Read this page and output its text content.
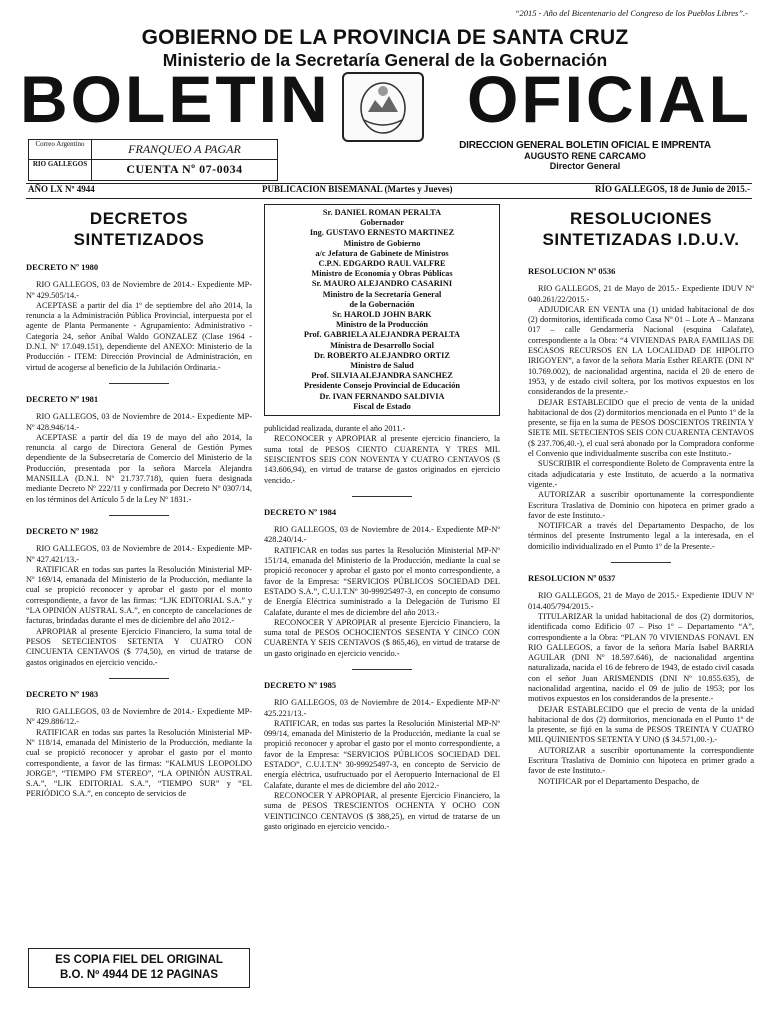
“2015 - Año del Bicentenario del Congreso de los Pueblos Libres”.-
GOBIERNO DE LA PROVINCIA DE SANTA CRUZ
Ministerio de la Secretaría General de la Gobernación
BOLETIN OFICIAL
Correo Argentino
RIO GALLEGOS
FRANQUEO A PAGAR
CUENTA Nº 07-0034
DIRECCION GENERAL BOLETIN OFICIAL E IMPRENTA
AUGUSTO RENE CARCAMO
Director General
AÑO LX Nº 4944	PUBLICACION BISEMANAL (Martes y Jueves)	RÍO GALLEGOS, 18 de Junio de 2015.-
DECRETOS SINTETIZADOS
DECRETO Nº 1980

RIO GALLEGOS, 03 de Noviembre de 2014.- Expediente MP-Nº 429.505/14.-

ACEPTASE a partir del día 1º de septiembre del año 2014, la renuncia a la Administración Pública Provincial, interpuesta por el agente de Planta Permanente - Agrupamiento: Administrativo - Categoría 24, señor Aníbal Waldo GONZALEZ (Clase 1964 - D.N.I. Nº 17.049.151), dependiente del ANEXO: Ministerio de la Producción - ITEM: Dirección Provincial de Administración, en virtud de acogerse al beneficio de la Jubilación Ordinaria.-

DECRETO Nº 1981

RIO GALLEGOS, 03 de Noviembre de 2014.- Expediente MP-Nº 428.946/14.-

ACEPTASE a partir del día 19 de mayo del año 2014, la renuncia al cargo de Directora General de Gestión Pymes dependiente de la Subsecretaría de Comercio del Ministerio de la Producción, presentada por la señora Marcela Alejandra MANSILLA (D.N.I. Nº 21.737.718), quien fuera designada mediante Decreto Nº 222/11 y confirmada por Decreto Nº 0307/14, en los términos del Artículo 5 de la Ley Nº 1831.-

DECRETO Nº 1982

RIO GALLEGOS, 03 de Noviembre de 2014.- Expediente MP-Nº 427.421/13.-

RATIFICAR en todas sus partes la Resolución Ministerial MP-Nº 169/14, emanada del Ministerio de la Producción, mediante la cual se propició reconocer y aprobar el gasto por el monto correspondiente, a favor de las firmas: “LJK EDITORIAL S.A.” y “LA OPINIÓN AUSTRAL S.A.”, en concepto de cancelaciones de facturas, brindadas durante el mes de diciembre del año 2012.-

APROPIAR al presente Ejercicio Financiero, la suma total de PESOS SETECIENTOS SETENTA Y CUATRO CON CINCUENTA CENTAVOS ($ 774,50), en virtud de tratarse de gastos originados en ejercicio vencido.-

DECRETO Nº 1983

RIO GALLEGOS, 03 de Noviembre de 2014.- Expediente MP-Nº 429.886/12.-

RATIFICAR en todas sus partes la Resolución Ministerial MP-Nº 118/14, emanada del Ministerio de la Producción, mediante la cual se propició reconocer y aprobar el gasto por el monto correspondiente, a favor de las firmas: “KALMUS LEOPOLDO JORGE”, “TIEMPO FM STEREO”, “LA OPINIÓN AUSTRAL S.A.”, “LJK EDITORIAL S.A.”, “TIEMPO SUR” y “EL PERIÓDICO S.A.”, en concepto de servicios de

ES COPIA FIEL DEL ORIGINAL
B.O. Nº 4944 DE 12 PAGINAS
Sr. DANIEL ROMAN PERALTA
Gobernador
Ing. GUSTAVO ERNESTO MARTINEZ
Ministro de Gobierno
a/c Jefatura de Gabinete de Ministros
C.P.N. EDGARDO RAUL VALFRE
Ministro de Economía y Obras Públicas
Sr. MAURO ALEJANDRO CASARINI
Ministro de la Secretaría General
de la Gobernación
Sr. HAROLD JOHN BARK
Ministro de la Producción
Prof. GABRIELA ALEJANDRA PERALTA
Ministra de Desarrollo Social
Dr. ROBERTO ALEJANDRO ORTIZ
Ministro de Salud
Prof. SILVIA ALEJANDRA SANCHEZ
Presidente Consejo Provincial de Educación
Dr. IVAN FERNANDO SALDIVIA
Fiscal de Estado

publicidad realizada, durante el año 2011.-

RECONOCER y APROPIAR al presente ejercicio financiero, la suma total de PESOS CIENTO CUARENTA Y TRES MIL SEISCIENTOS SEIS CON NOVENTA Y CUATRO CENTAVOS ($ 143.606,94), en virtud de tratarse de gastos originados en ejercicio vencido.-

DECRETO Nº 1984

RIO GALLEGOS, 03 de Noviembre de 2014.- Expediente MP-Nº 428.240/14.-

RATIFICAR en todas sus partes la Resolución Ministerial MP-Nº 151/14, emanada del Ministerio de la Producción, mediante la cual se propició reconocer y aprobar el gasto por el monto correspondiente, a favor de la Empresa: “SERVICIOS PÚBLICOS SOCIEDAD DEL ESTADO S.A.”, C.U.I.T.Nº 30-99925497-3, en concepto de consumo de Energía Eléctrica suministrado a la Delegación de Turismo El Calafate, durante el mes de diciembre del año 2013.-

RECONOCER Y APROPIAR al presente Ejercicio Financiero, la suma total de PESOS OCHOCIENTOS SESENTA Y CINCO CON CUARENTA Y SEIS CENTAVOS ($ 865,46), en virtud de tratarse de un gasto originado en ejercicio vencido.-

DECRETO Nº 1985

RIO GALLEGOS, 03 de Noviembre de 2014.- Expediente MP-Nº 425.221/13.-

RATIFICAR, en todas sus partes la Resolución Ministerial MP-Nº 099/14, emanada del Ministerio de la Producción, mediante la cual se propició reconocer y aprobar el gasto por el monto correspondiente, a favor de la Empresa: “SERVICIOS PÚBLICOS SOCIEDAD DEL ESTADO”, C.U.I.T.Nº 30-99925497-3, en concepto de Servicio de energía eléctrica, usufructuado por el Aeropuerto Internacional de El Calafate, durante el mes de diciembre del año 2012.-

RECONOCER Y APROPIAR, al presente Ejercicio Financiero, la suma de PESOS TRESCIENTOS OCHENTA Y OCHO CON VEINTICINCO CENTAVOS ($ 388,25), en virtud de tratarse de un gasto originado en ejercicio vencido.-

RESOLUCIONES SINTETIZADAS I.D.U.V.
RESOLUCION Nº 0536

RIO GALLEGOS, 21 de Mayo de 2015.- Expediente IDUV Nº 040.261/22/2015.-

ADJUDICAR EN VENTA una (1) unidad habitacional de dos (2) dormitorios, identificada como Casa Nº 01 – Lote A – Manzana 017 – calle Gendarmería Nacional (esquina Calafate), correspondiente a la Obra: “4 VIVIENDAS PARA FAMILIAS DE ESCASOS RECURSOS EN LA LOCALIDAD DE HIPOLITO IRIGOYEN”, a favor de la señora María Esther REARTE (DNI Nº 10.769.002), de nacionalidad argentina, nacida el 20 de enero de 1953, y de estado civil soltera, por los motivos expuestos en los considerandos de la presente.-

DEJAR ESTABLECIDO que el precio de venta de la unidad habitacional de dos (2) dormitorios mencionada en el Punto 1º de la presente, se fija en la suma de PESOS DOSCIENTOS TREINTA Y SIETE MIL SETECIENTOS SEIS CON CUARENTA CENTAVOS ($ 237.706,40.-), el cual será abonado por la Compradora conforme el Convenio que individualmente suscriba con este Instituto.-

SUSCRIBIR el correspondiente Boleto de Compraventa entre la citada adjudicataria y este Instituto, de acuerdo a la normativa vigente.-

AUTORIZAR a suscribir oportunamente la correspondiente Escritura Traslativa de Dominio con hipoteca en primer grado a favor de este Instituto.-

NOTIFICAR a través del Departamento Despacho, de los términos del presente Instrumento legal a la interesada, en el domicilio individualizado en el Punto 1º de la Presente.-

RESOLUCION Nº 0537

RIO GALLEGOS, 21 de Mayo de 2015.- Expediente IDUV Nº 014.405/794/2015.-

TITULARIZAR la unidad habitacional de dos (2) dormitorios, identificada como Edificio 07 – Piso 1º – Departamento “A”, correspondiente a la Obra: “PLAN 70 VIVIENDAS FONAVI. EN RIO GALLEGOS, a favor de la señora María Isabel BARRIA AGUILAR (DNI Nº 18.597.646), de nacionalidad argentina naturalizada, nacida el 16 de febrero de 1943, de estado civil casada con el señor Juan ARISMENDIS (DNI Nº 10.855.635), de nacionalidad argentina, nacido el 09 de julio de 1953; por los motivos expuestos en los considerandos de la presente.-

DEJAR ESTABLECIDO que el precio de venta de la unidad habitacional de dos (2) dormitorios, mencionada en el Punto 1º de la presente, se fijó en la suma de PESOS TREINTA Y CUATRO MIL QUINIENTOS SETENTA Y UNO ($ 34.571,00.-).-

AUTORIZAR a suscribir oportunamente la correspondiente Escritura Traslativa de Dominio con hipoteca en primer grado a favor de este Instituto.-

NOTIFICAR por el Departamento Despacho, de
